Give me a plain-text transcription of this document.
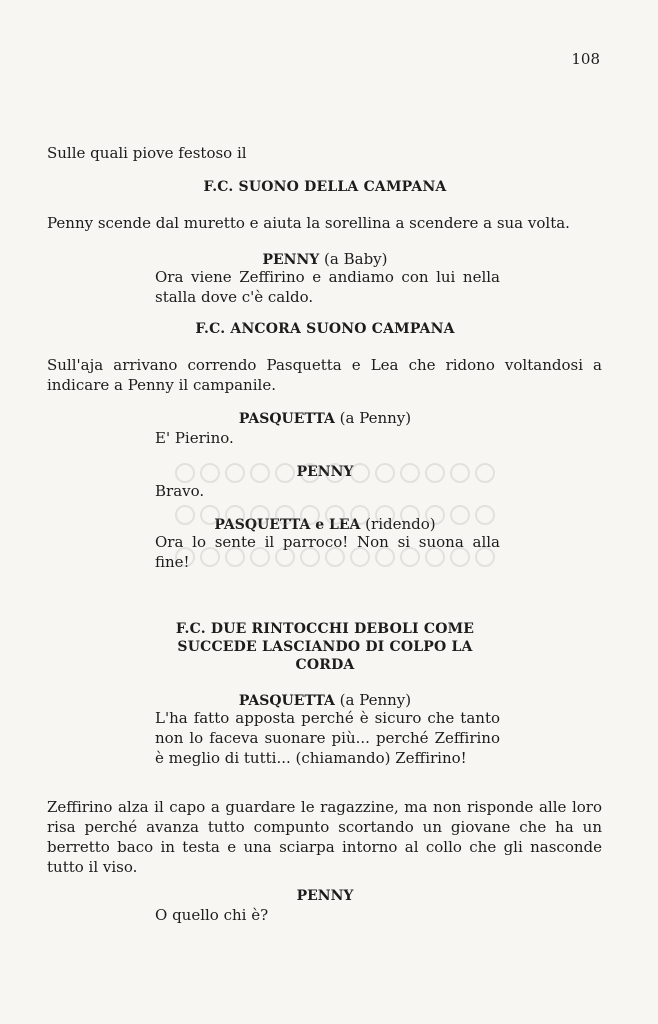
108
Sulle quali piove festoso il
F.C. SUONO DELLA CAMPANA
Penny scende dal muretto e aiuta la sorellina a scendere a sua volta.
PENNY (a Baby)
Ora viene Zeffirino e andiamo con lui nella stalla dove c'è caldo.
F.C. ANCORA SUONO CAMPANA
Sull'aja arrivano correndo Pasquetta e Lea che ridono voltandosi a indicare a Penny il campanile.
PASQUETTA (a Penny)
E' Pierino.
PENNY
Bravo.
PASQUETTA e LEA (ridendo)
Ora lo sente il parroco! Non si suona alla fine!
F.C. DUE RINTOCCHI DEBOLI COME SUCCEDE LASCIANDO DI COLPO LA CORDA
PASQUETTA (a Penny)
L'ha fatto apposta perché è sicuro che tanto non lo faceva suonare più... perché Zeffirino è meglio di tutti... (chiamando) Zeffirino!
Zeffirino alza il capo a guardare le ragazzine, ma non risponde alle loro risa perché avanza tutto compunto scortando un giovane che ha un berretto baco in testa e una sciarpa intorno al collo che gli nasconde tutto il viso.
PENNY
O quello chi è?
